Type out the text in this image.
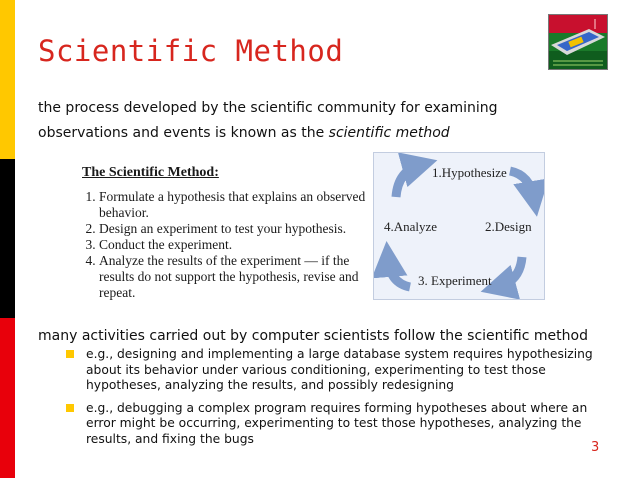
Scientific Method

the process developed by the scientific community for examining observations and events is known as the scientific method

The Scientific Method:
1. Formulate a hypothesis that explains an observed behavior.
2. Design an experiment to test your hypothesis.
3. Conduct the experiment.
4. Analyze the results of the experiment — if the results do not support the hypothesis, revise and repeat.
1.Hypothesize
2.Design
3. Experiment
4.Analyze

many activities carried out by computer scientists follow the scientific method

e.g., designing and implementing a large database system requires hypothesizing about its behavior under various conditioning, experimenting to test those hypotheses, analyzing the results, and possibly redesigning
e.g., debugging a complex program requires forming hypotheses about where an error might be occurring, experimenting to test those hypotheses, analyzing the results, and fixing the bugs
3
